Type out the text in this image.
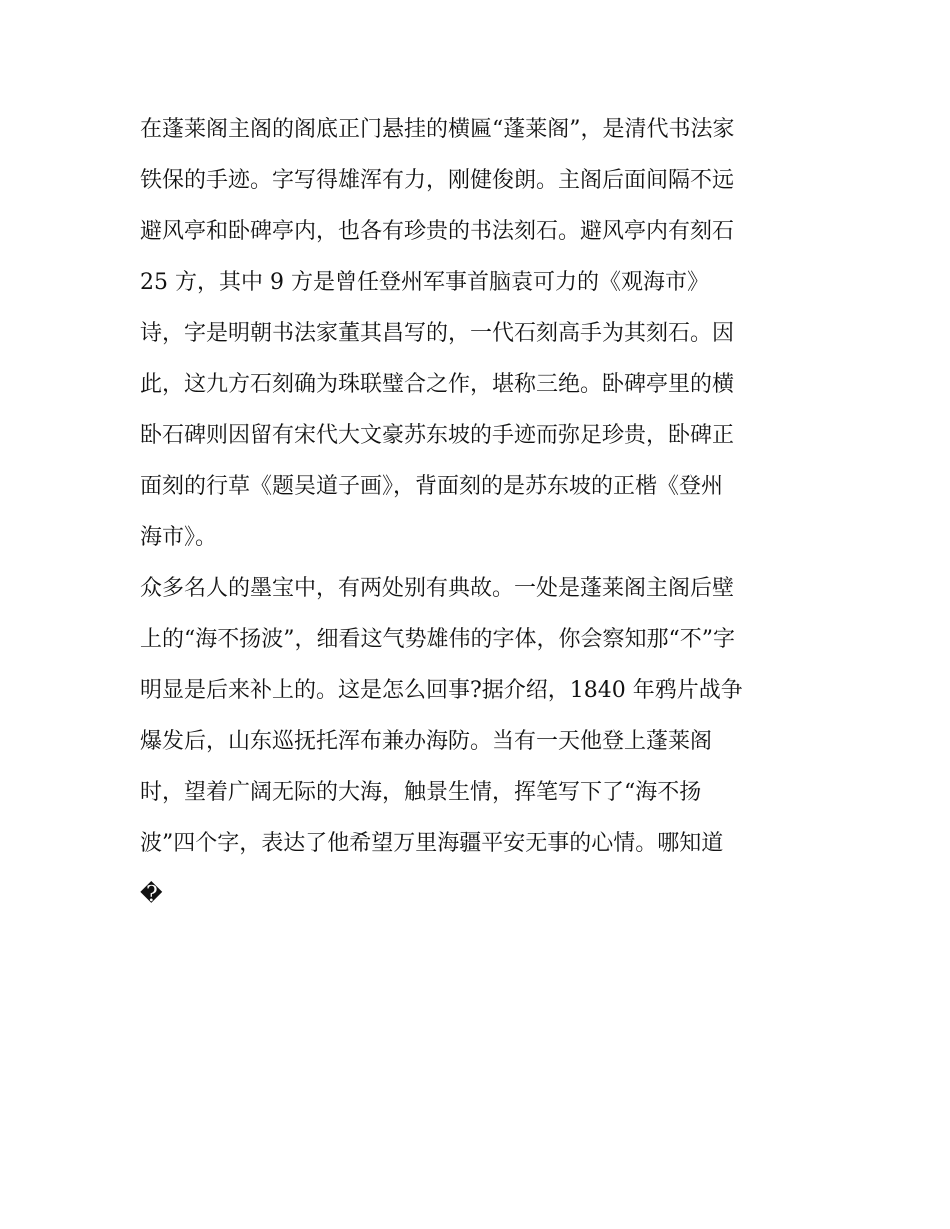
在蓬莱阁主阁的阁底正门悬挂的横匾“蓬莱阁”，是清代书法家
铁保的手迹。字写得雄浑有力，刚健俊朗。主阁后面间隔不远
避风亭和卧碑亭内，也各有珍贵的书法刻石。避风亭内有刻石
25 方，其中 9 方是曾任登州军事首脑袁可力的《观海市》
诗，字是明朝书法家董其昌写的，一代石刻高手为其刻石。因
此，这九方石刻确为珠联璧合之作，堪称三绝。卧碑亭里的横
卧石碑则因留有宋代大文豪苏东坡的手迹而弥足珍贵，卧碑正
面刻的行草《题吴道子画》，背面刻的是苏东坡的正楷《登州
海市》。
众多名人的墨宝中，有两处别有典故。一处是蓬莱阁主阁后壁
上的“海不扬波”，细看这气势雄伟的字体，你会察知那“不”字
明显是后来补上的。这是怎么回事?据介绍，1840 年鸦片战争
爆发后，山东巡抚托浑布兼办海防。当有一天他登上蓬莱阁
时，望着广阔无际的大海，触景生情，挥笔写下了“海不扬
波”四个字，表达了他希望万里海疆平安无事的心情。哪知道
�
